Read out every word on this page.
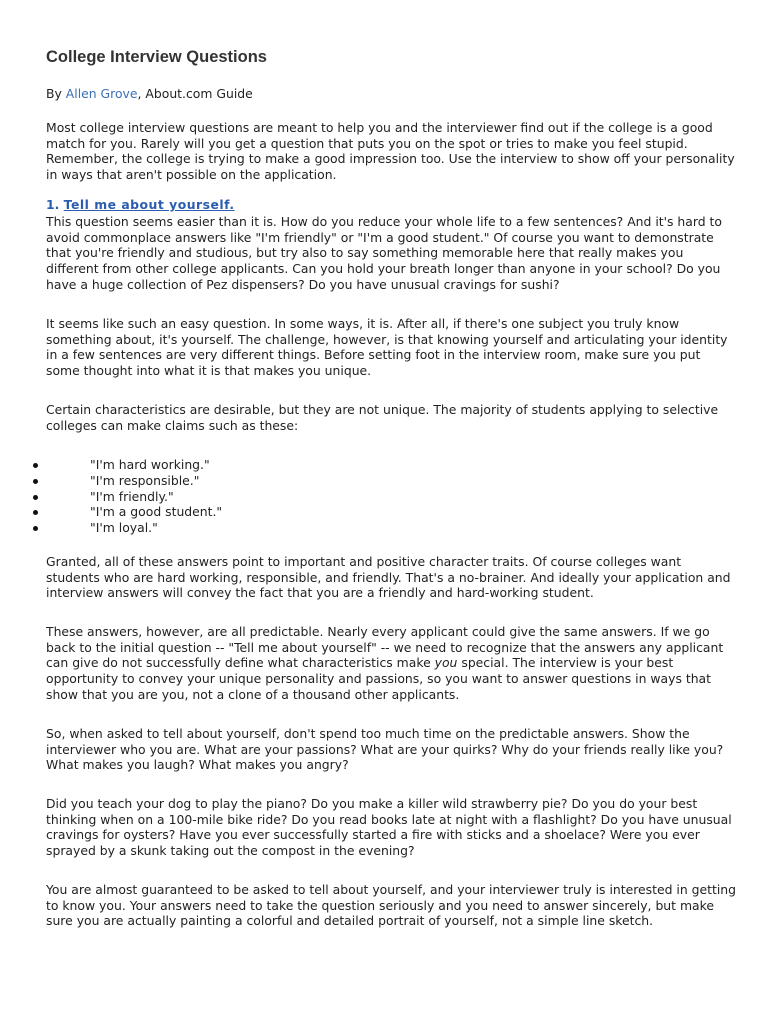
College Interview Questions
By Allen Grove, About.com Guide

Most college interview questions are meant to help you and the interviewer find out if the college is a good match for you. Rarely will you get a question that puts you on the spot or tries to make you feel stupid. Remember, the college is trying to make a good impression too. Use the interview to show off your personality in ways that aren't possible on the application.

1. Tell me about yourself.

This question seems easier than it is. How do you reduce your whole life to a few sentences? And it's hard to avoid commonplace answers like "I'm friendly" or "I'm a good student." Of course you want to demonstrate that you're friendly and studious, but try also to say something memorable here that really makes you different from other college applicants. Can you hold your breath longer than anyone in your school? Do you have a huge collection of Pez dispensers? Do you have unusual cravings for sushi?

It seems like such an easy question. In some ways, it is. After all, if there's one subject you truly know something about, it's yourself. The challenge, however, is that knowing yourself and articulating your identity in a few sentences are very different things. Before setting foot in the interview room, make sure you put some thought into what it is that makes you unique.

Certain characteristics are desirable, but they are not unique. The majority of students applying to selective colleges can make claims such as these:

"I'm hard working."
"I'm responsible."
"I'm friendly."
"I'm a good student."
"I'm loyal."

Granted, all of these answers point to important and positive character traits. Of course colleges want students who are hard working, responsible, and friendly. That's a no-brainer. And ideally your application and interview answers will convey the fact that you are a friendly and hard-working student.

These answers, however, are all predictable. Nearly every applicant could give the same answers. If we go back to the initial question -- "Tell me about yourself" -- we need to recognize that the answers any applicant can give do not successfully define what characteristics make you special. The interview is your best opportunity to convey your unique personality and passions, so you want to answer questions in ways that show that you are you, not a clone of a thousand other applicants.

So, when asked to tell about yourself, don't spend too much time on the predictable answers. Show the interviewer who you are. What are your passions? What are your quirks? Why do your friends really like you? What makes you laugh? What makes you angry?

Did you teach your dog to play the piano? Do you make a killer wild strawberry pie? Do you do your best thinking when on a 100-mile bike ride? Do you read books late at night with a flashlight? Do you have unusual cravings for oysters? Have you ever successfully started a fire with sticks and a shoelace? Were you ever sprayed by a skunk taking out the compost in the evening?

You are almost guaranteed to be asked to tell about yourself, and your interviewer truly is interested in getting to know you. Your answers need to take the question seriously and you need to answer sincerely, but make sure you are actually painting a colorful and detailed portrait of yourself, not a simple line sketch.
